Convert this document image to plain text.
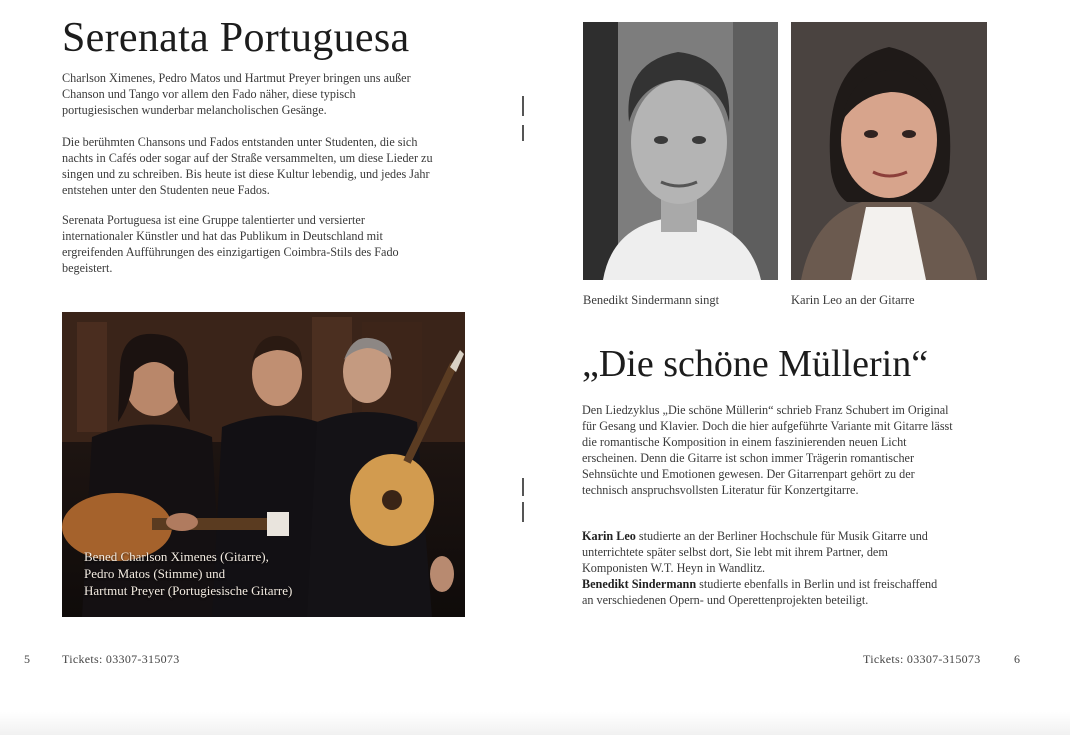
Serenata Portuguesa

Charlson Ximenes, Pedro Matos und Hartmut Preyer bringen uns außer Chanson und Tango vor allem den Fado näher, diese typisch portugiesischen wunderbar melancholischen Gesänge.

Die berühmten Chansons und Fados entstanden unter Studenten, die sich nachts in Cafés oder sogar auf der Straße versammelten, um diese Lieder zu singen und zu schreiben. Bis heute ist diese Kultur lebendig, und jedes Jahr entstehen unter den Studenten neue Fados.

Serenata Portuguesa ist eine Gruppe talentierter und versierter internationaler Künstler und hat das Publikum in Deutschland mit ergreifenden Aufführungen des einzigartigen Coimbra-Stils des Fado begeistert.

Bened Charlson Ximenes (Gitarre),
Pedro Matos (Stimme) und
Hartmut Preyer (Portugiesische Gitarre)
5	Tickets: 03307-315073
Benedikt Sindermann singt	Karin Leo an der Gitarre
„Die schöne Müllerin“

Den Liedzyklus „Die schöne Müllerin“ schrieb Franz Schubert im Original für Gesang und Klavier. Doch die hier aufgeführte Variante mit Gitarre lässt die romantische Komposition in einem faszinierenden neuen Licht erscheinen. Denn die Gitarre ist schon immer Trägerin romantischer Sehnsüchte und Emotionen gewesen. Der Gitarrenpart gehört zu der technisch anspruchsvollsten Literatur für Konzertgitarre.

Karin Leo studierte an der Berliner Hochschule für Musik Gitarre und unterrichtete später selbst dort, Sie lebt mit ihrem Partner, dem Komponisten W.T. Heyn in Wandlitz.
Benedikt Sindermann studierte ebenfalls in Berlin und ist freischaffend an verschiedenen Opern- und Operettenprojekten beteiligt.

Tickets: 03307-315073	6
